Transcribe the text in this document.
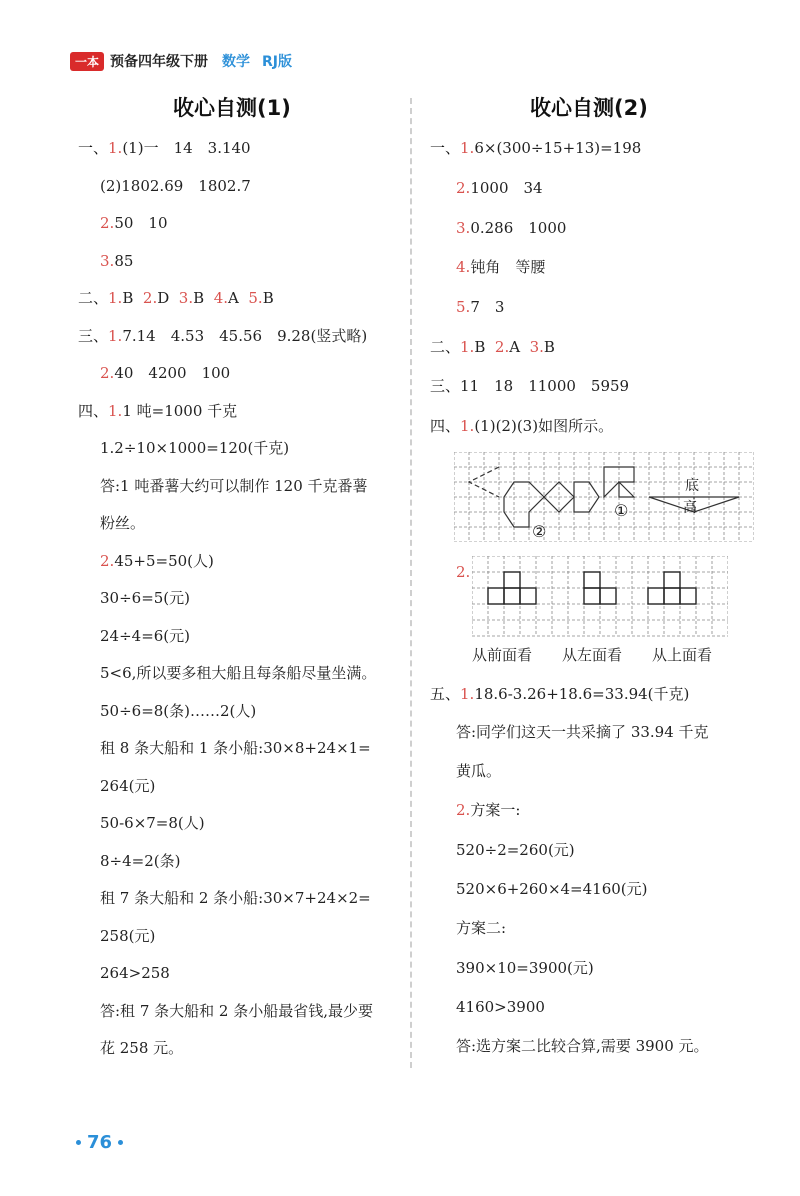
一本 预备四年级下册 数学 RJ版
收心自测(1)
一、1.(1)一　14　3.140
(2)1802.69　1802.7
2.50　10
3.85
二、1.B 2.D 3.B 4.A 5.B
三、1.7.14　4.53　45.56　9.28(竖式略)
2.40　4200　100
四、1.1 吨=1000 千克
1.2÷10×1000=120(千克)
答:1 吨番薯大约可以制作 120 千克番薯
粉丝。
2.45+5=50(人)
30÷6=5(元)
24÷4=6(元)
5<6,所以要多租大船且每条船尽量坐满。
50÷6=8(条)……2(人)
租 8 条大船和 1 条小船:30×8+24×1=
264(元)
50-6×7=8(人)
8÷4=2(条)
租 7 条大船和 2 条小船:30×7+24×2=
258(元)
264>258
答:租 7 条大船和 2 条小船最省钱,最少要
花 258 元。
收心自测(2)
一、1.6×(300÷15+13)=198
2.1000　34
3.0.286　1000
4.钝角　等腰
5.7　3
二、1.B 2.A 3.B
三、11　18　11000　5959
四、1.(1)(2)(3)如图所示。
底
高
①
②
2.
从前面看 从左面看 从上面看
五、1.18.6-3.26+18.6=33.94(千克)
答:同学们这天一共采摘了 33.94 千克
黄瓜。
2.方案一:
520÷2=260(元)
520×6+260×4=4160(元)
方案二:
390×10=3900(元)
4160>3900
答:选方案二比较合算,需要 3900 元。
76
